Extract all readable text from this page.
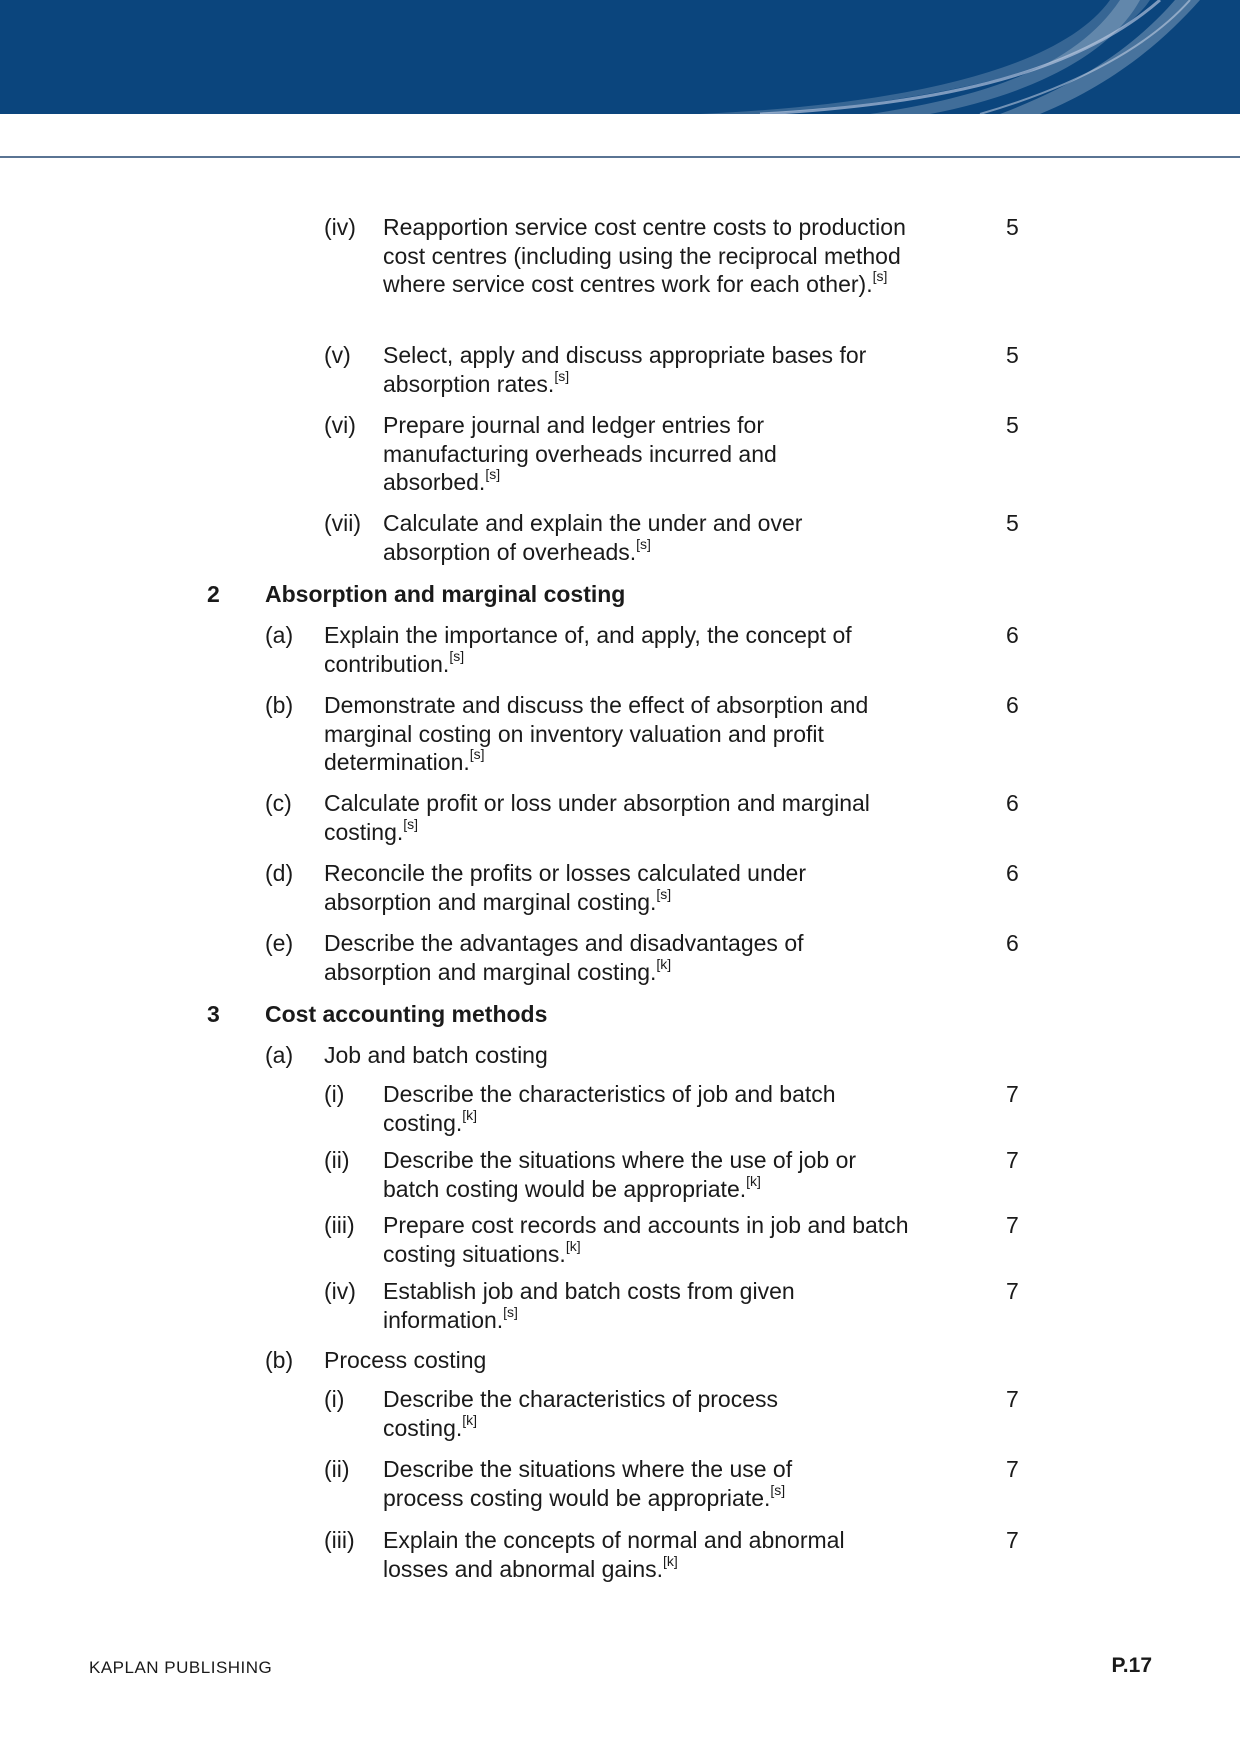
(iv) Reapportion service cost centre costs to production cost centres (including using the reciprocal method where service cost centres work for each other).[s]
5
(v) Select, apply and discuss appropriate bases for absorption rates.[s]
5
(vi) Prepare journal and ledger entries for manufacturing overheads incurred and absorbed.[s]
5
(vii) Calculate and explain the under and over absorption of overheads.[s]
5
2 Absorption and marginal costing
(a) Explain the importance of, and apply, the concept of contribution.[s]
6
(b) Demonstrate and discuss the effect of absorption and marginal costing on inventory valuation and profit determination.[s]
6
(c) Calculate profit or loss under absorption and marginal costing.[s]
6
(d) Reconcile the profits or losses calculated under absorption and marginal costing.[s]
6
(e) Describe the advantages and disadvantages of absorption and marginal costing.[k]
6
3 Cost accounting methods
(a) Job and batch costing
(i) Describe the characteristics of job and batch costing.[k]
7
(ii) Describe the situations where the use of job or batch costing would be appropriate.[k]
7
(iii) Prepare cost records and accounts in job and batch costing situations.[k]
7
(iv) Establish job and batch costs from given information.[s]
7
(b) Process costing
(i) Describe the characteristics of process costing.[k]
7
(ii) Describe the situations where the use of process costing would be appropriate.[s]
7
(iii) Explain the concepts of normal and abnormal losses and abnormal gains.[k]
7
KAPLAN PUBLISHING	P.17
